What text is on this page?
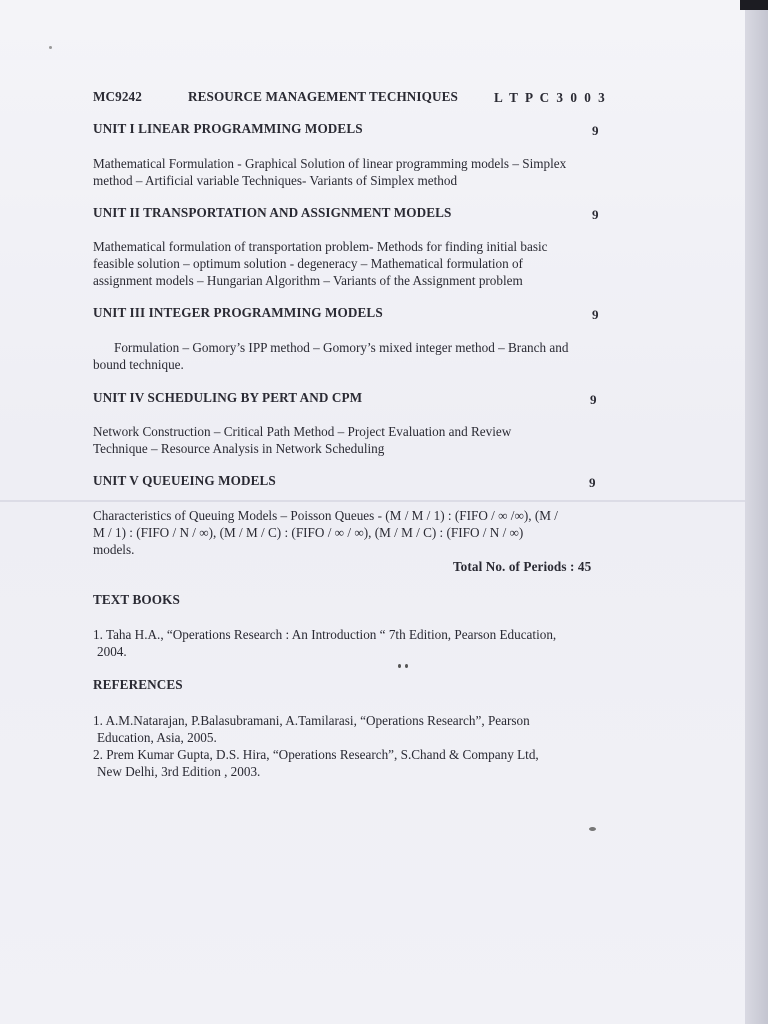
MC9242	RESOURCE MANAGEMENT TECHNIQUES	L T P C 3 0 0 3
UNIT I LINEAR PROGRAMMING MODELS	9
Mathematical Formulation - Graphical Solution of linear programming models – Simplex
method – Artificial variable Techniques- Variants of Simplex method
UNIT II TRANSPORTATION AND ASSIGNMENT MODELS	9
Mathematical formulation of transportation problem- Methods for finding initial basic
feasible solution – optimum solution - degeneracy – Mathematical formulation of
assignment models – Hungarian Algorithm – Variants of the Assignment problem
UNIT III INTEGER PROGRAMMING MODELS	9
Formulation – Gomory’s IPP method – Gomory’s mixed integer method – Branch and
bound technique.
UNIT IV SCHEDULING BY PERT AND CPM	9
Network Construction – Critical Path Method – Project Evaluation and Review
Technique – Resource Analysis in Network Scheduling
UNIT V QUEUEING MODELS	9
Characteristics of Queuing Models – Poisson Queues - (M / M / 1) : (FIFO / ∞ /∞), (M /
M / 1) : (FIFO / N / ∞), (M / M / C) : (FIFO / ∞ / ∞), (M / M / C) : (FIFO / N / ∞)
models.
Total No. of Periods : 45
TEXT BOOKS
1. Taha H.A., “Operations Research : An Introduction “ 7th Edition, Pearson Education,
2004.
REFERENCES
1. A.M.Natarajan, P.Balasubramani, A.Tamilarasi, “Operations Research”, Pearson
Education, Asia, 2005.
2. Prem Kumar Gupta, D.S. Hira, “Operations Research”, S.Chand & Company Ltd,
New Delhi, 3rd Edition , 2003.
